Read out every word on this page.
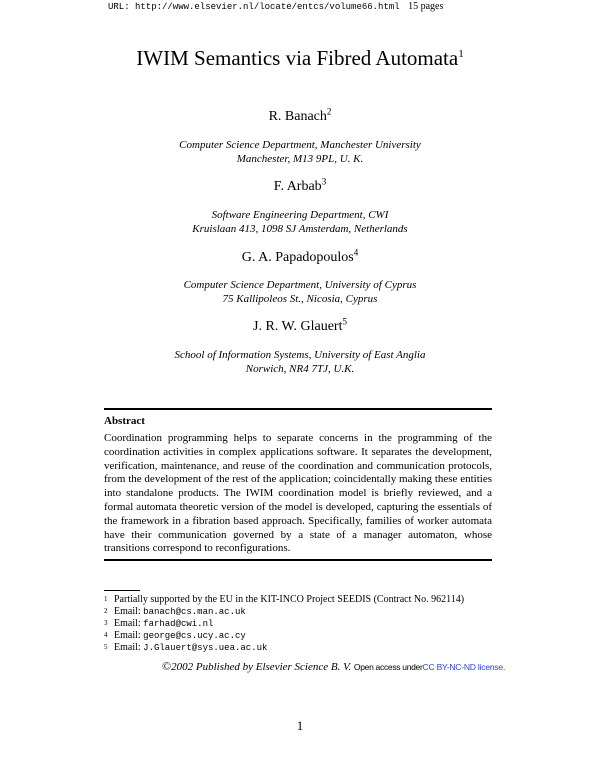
URL: http://www.elsevier.nl/locate/entcs/volume66.html 15 pages
IWIM Semantics via Fibred Automata$^1$
R. Banach$^2$
Computer Science Department, Manchester University
Manchester, M13 9PL, U. K.
F. Arbab$^3$
Software Engineering Department, CWI
Kruislaan 413, 1098 SJ Amsterdam, Netherlands
G. A. Papadopoulos$^4$
Computer Science Department, University of Cyprus
75 Kallipoleos St., Nicosia, Cyprus
J. R. W. Glauert$^5$
School of Information Systems, University of East Anglia
Norwich, NR4 7TJ, U.K.
Abstract
Coordination programming helps to separate concerns in the programming of the coordination activities in complex applications software. It separates the development, verification, maintenance, and reuse of the coordination and communication protocols, from the development of the rest of the application; coincidentally making these entities into standalone products. The IWIM coordination model is briefly reviewed, and a formal automata theoretic version of the model is developed, capturing the essentials of the framework in a fibration based approach. Specifically, families of worker automata have their communication governed by a state of a manager automaton, whose transitions correspond to reconfigurations.
1 Partially supported by the EU in the KIT-INCO Project SEEDIS (Contract No. 962114)
2 Email: banach@cs.man.ac.uk
3 Email: farhad@cwi.nl
4 Email: george@cs.ucy.ac.cy
5 Email: J.Glauert@sys.uea.ac.uk
©2002 Published by Elsevier Science B. V. Open access underCC BY-NC-ND license.
1
